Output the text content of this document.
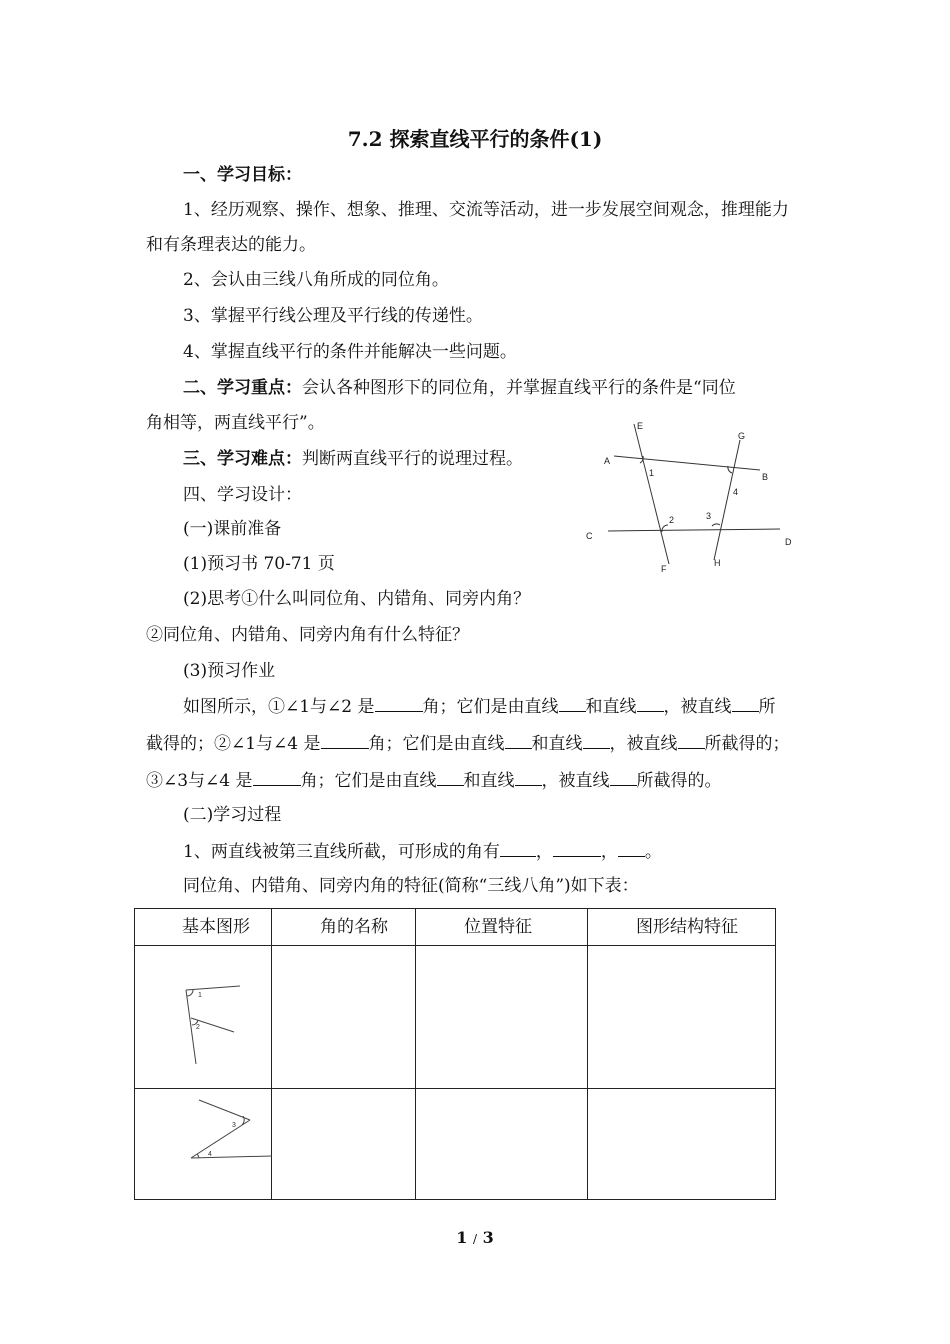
7.2 探索直线平行的条件(1)
一、学习目标：
1、经历观察、操作、想象、推理、交流等活动，进一步发展空间观念，推理能力
和有条理表达的能力。
2、会认由三线八角所成的同位角。
3、掌握平行线公理及平行线的传递性。
4、掌握直线平行的条件并能解决一些问题。
二、学习重点：会认各种图形下的同位角，并掌握直线平行的条件是“同位
角相等，两直线平行”。
三、学习难点：判断两直线平行的说理过程。
四、学习设计：
(一)课前准备
(1)预习书 70-71 页
(2)思考①什么叫同位角、内错角、同旁内角？
②同位角、内错角、同旁内角有什么特征？
(3)预习作业
如图所示，①∠1与∠2 是	角；它们是由直线 和直线 ，被直线 所
截得的；②∠1与∠4 是	角；它们是由直线 和直线 ，被直线 所截得的；
③∠3与∠4 是	角；它们是由直线 和直线 ，被直线 所截得的。
(二)学习过程
1、两直线被第三直线所截，可形成的角有 ，	， 。
同位角、内错角、同旁内角的特征(简称“三线八角”)如下表：
E
G
A
B
1
4
2	3
C
D
F
H
基本图形	角的名称	位置特征	图形结构特征
1
2
3
4
1 / 3
